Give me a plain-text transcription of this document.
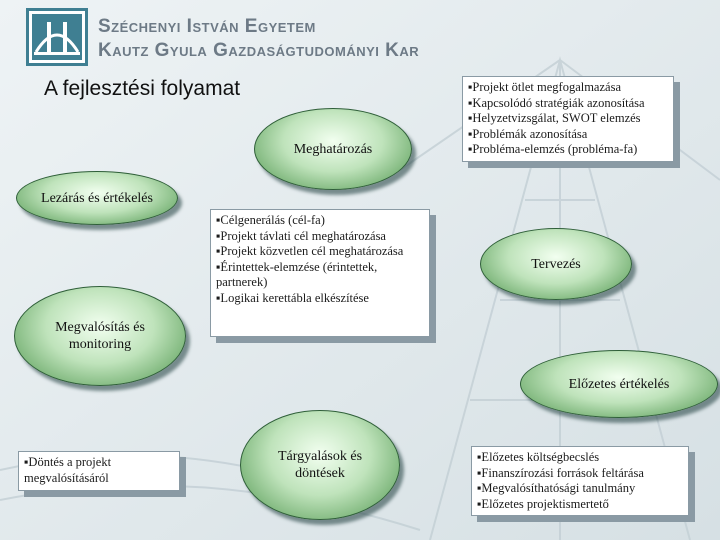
Széchenyi István Egyetem
Kautz Gyula Gazdaságtudományi Kar
A fejlesztési folyamat	▪Projekt ötlet megfogalmazása
▪Kapcsolódó stratégiák azonosítása
▪Helyzetvizsgálat, SWOT elemzés
▪Problémák azonosítása
▪Probléma-elemzés (probléma-fa)
Meghatározás
Lezárás és értékelés
▪Célgenerálás (cél-fa)
▪Projekt távlati cél meghatározása
▪Projekt közvetlen cél meghatározása
▪Érintettek-elemzése (érintettek, partnerek)
▪Logikai kerettábla elkészítése
Tervezés
Megvalósítás és monitoring
Előzetes értékelés
▪Döntés a projekt megvalósításáról
Tárgyalások és döntések
▪Előzetes költségbecslés
▪Finanszírozási források feltárása
▪Megvalósíthatósági tanulmány
▪Előzetes projektismertető
